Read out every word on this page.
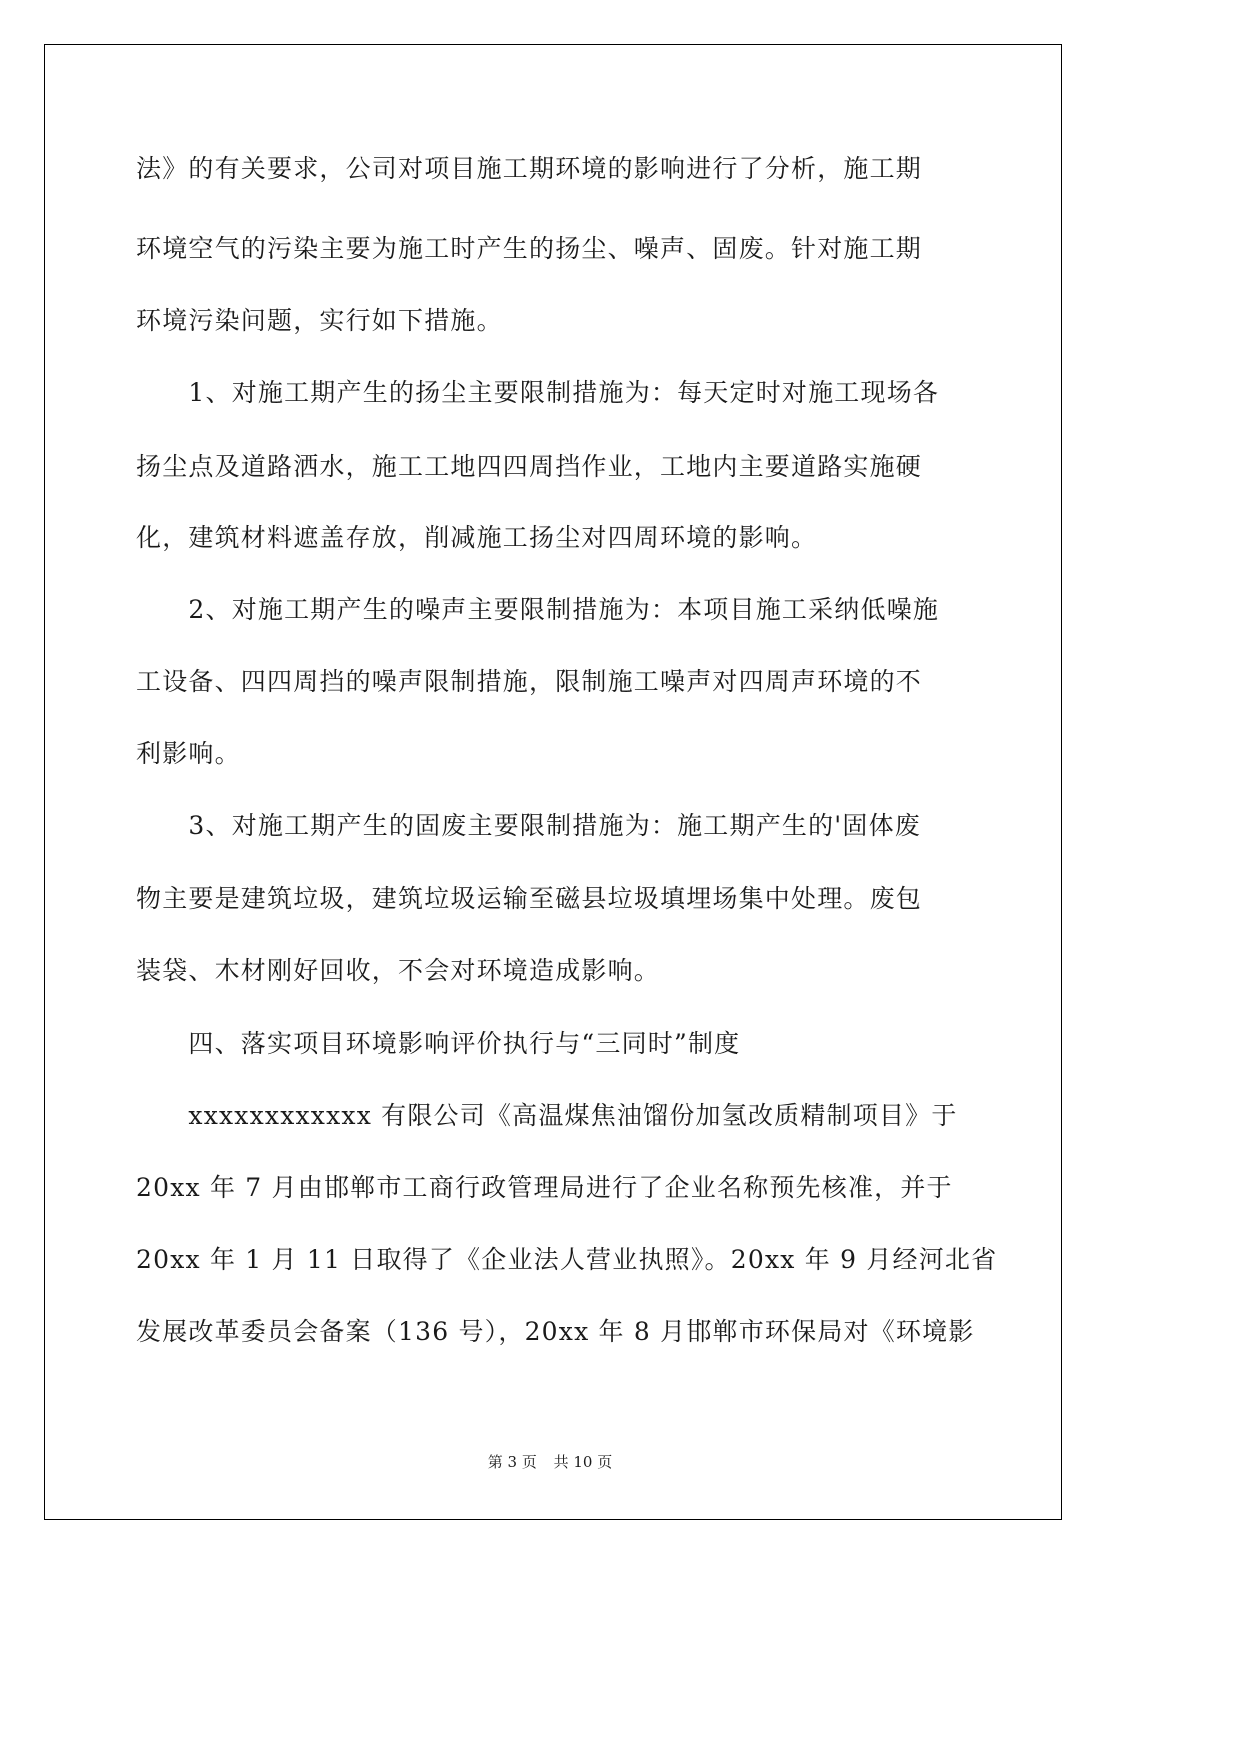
法》的有关要求，公司对项目施工期环境的影响进行了分析，施工期
环境空气的污染主要为施工时产生的扬尘、噪声、固废。针对施工期
环境污染问题，实行如下措施。
　　1、对施工期产生的扬尘主要限制措施为：每天定时对施工现场各
扬尘点及道路洒水，施工工地四四周挡作业，工地内主要道路实施硬
化，建筑材料遮盖存放，削减施工扬尘对四周环境的影响。
　　2、对施工期产生的噪声主要限制措施为：本项目施工采纳低噪施
工设备、四四周挡的噪声限制措施，限制施工噪声对四周声环境的不
利影响。
　　3、对施工期产生的固废主要限制措施为：施工期产生的'固体废
物主要是建筑垃圾，建筑垃圾运输至磁县垃圾填埋场集中处理。废包
装袋、木材刚好回收，不会对环境造成影响。
　　四、落实项目环境影响评价执行与“三同时”制度
　　xxxxxxxxxxxx 有限公司《高温煤焦油馏份加氢改质精制项目》于
20xx 年 7 月由邯郸市工商行政管理局进行了企业名称预先核准，并于
20xx 年 1 月 11 日取得了《企业法人营业执照》。20xx 年 9 月经河北省
发展改革委员会备案（136 号），20xx 年 8 月邯郸市环保局对《环境影
第 3 页 共 10 页
